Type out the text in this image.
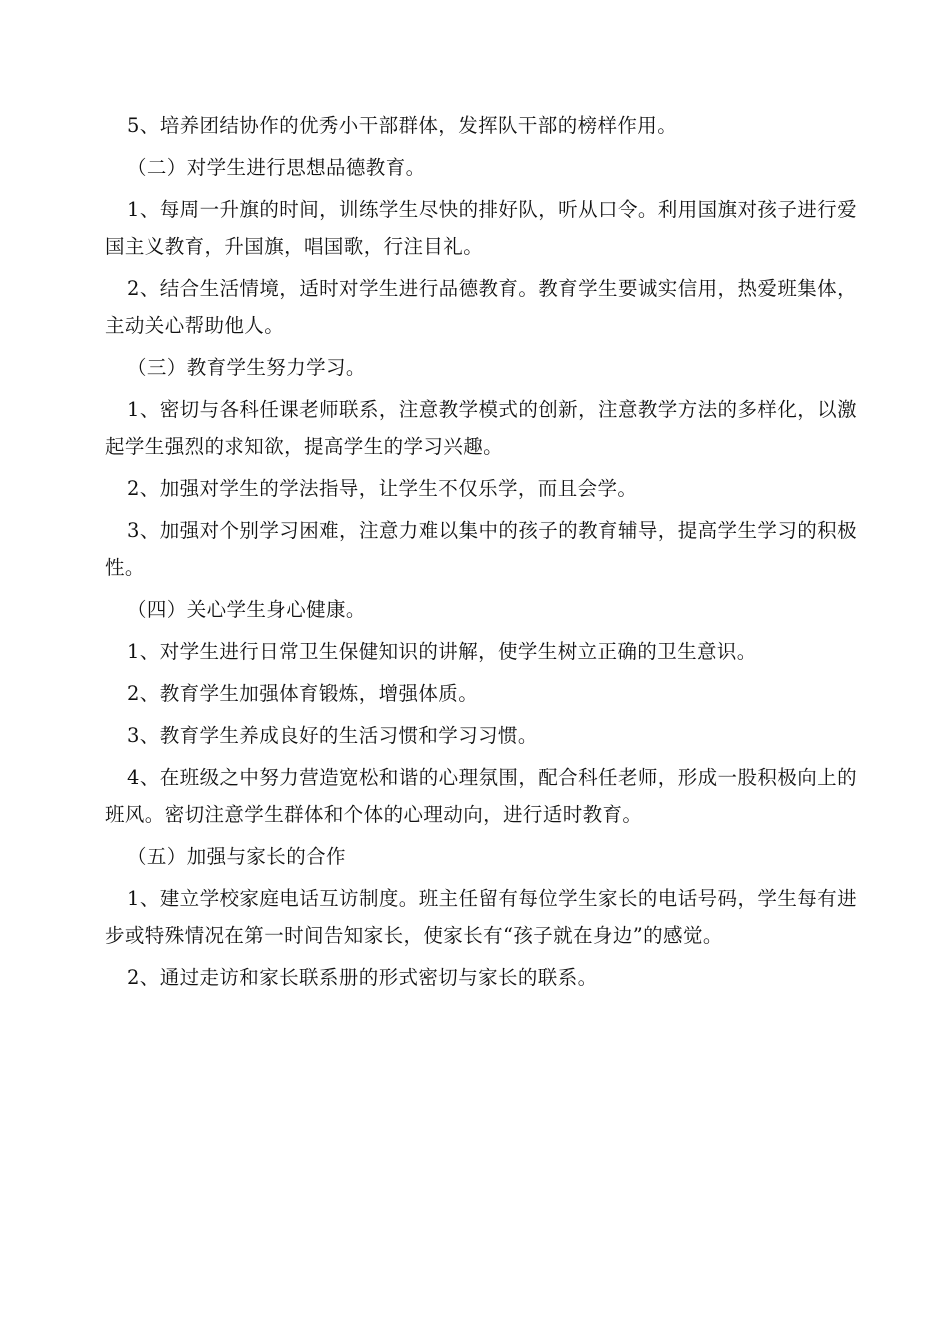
5、培养团结协作的优秀小干部群体，发挥队干部的榜样作用。

（二）对学生进行思想品德教育。

1、每周一升旗的时间，训练学生尽快的排好队，听从口令。利用国旗对孩子进行爱国主义教育，升国旗，唱国歌，行注目礼。

2、结合生活情境，适时对学生进行品德教育。教育学生要诚实信用，热爱班集体，主动关心帮助他人。

（三）教育学生努力学习。

1、密切与各科任课老师联系，注意教学模式的创新，注意教学方法的多样化，以激起学生强烈的求知欲，提高学生的学习兴趣。

2、加强对学生的学法指导，让学生不仅乐学，而且会学。

3、加强对个别学习困难，注意力难以集中的孩子的教育辅导，提高学生学习的积极性。

（四）关心学生身心健康。

1、对学生进行日常卫生保健知识的讲解，使学生树立正确的卫生意识。

2、教育学生加强体育锻炼，增强体质。

3、教育学生养成良好的生活习惯和学习习惯。

4、在班级之中努力营造宽松和谐的心理氛围，配合科任老师，形成一股积极向上的班风。密切注意学生群体和个体的心理动向，进行适时教育。

（五）加强与家长的合作

1、建立学校家庭电话互访制度。班主任留有每位学生家长的电话号码，学生每有进步或特殊情况在第一时间告知家长，使家长有“孩子就在身边”的感觉。

2、通过走访和家长联系册的形式密切与家长的联系。
